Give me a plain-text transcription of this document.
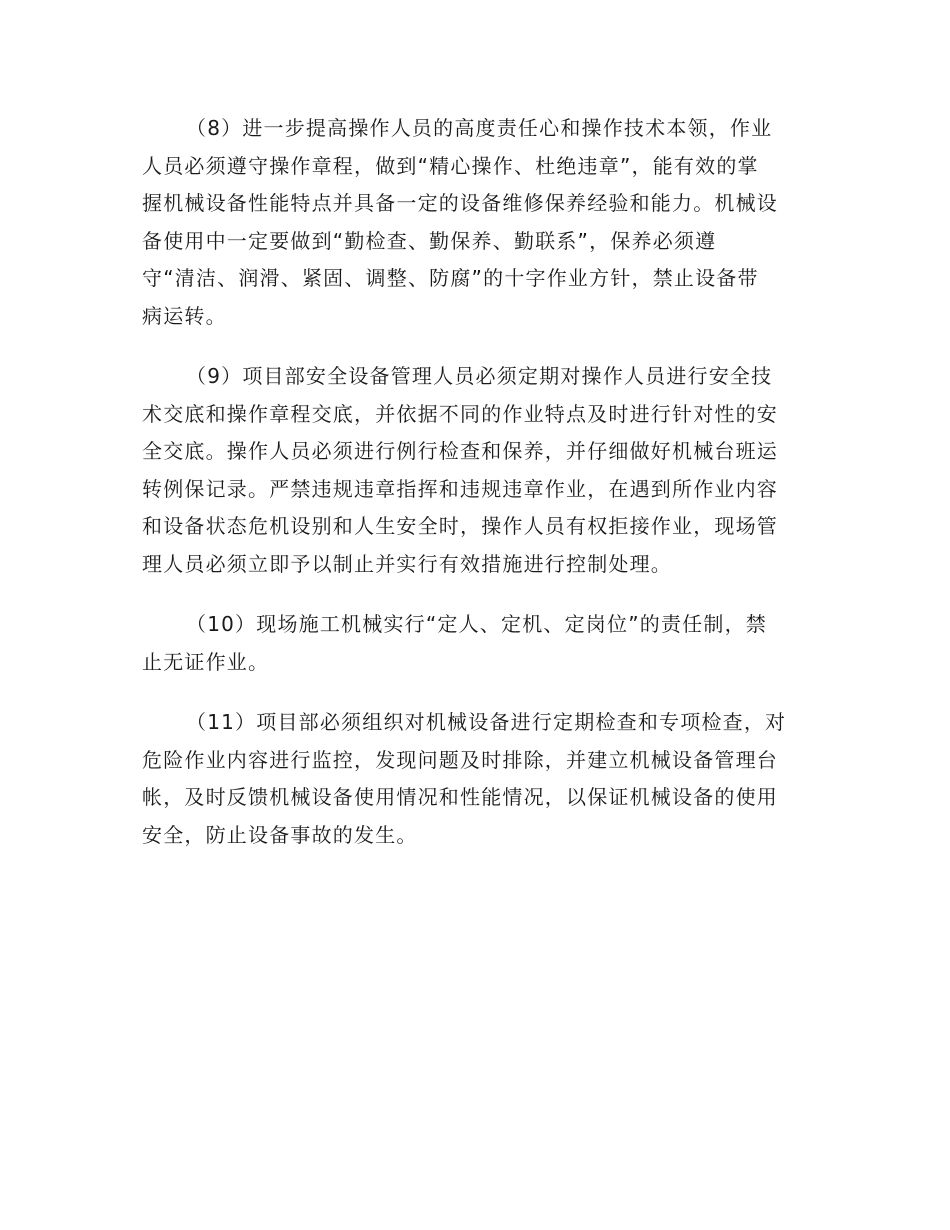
（8）进一步提高操作人员的高度责任心和操作技术本领，作业
人员必须遵守操作章程，做到“精心操作、杜绝违章”，能有效的掌
握机械设备性能特点并具备一定的设备维修保养经验和能力。机械设
备使用中一定要做到“勤检查、勤保养、勤联系”，保养必须遵
守“清洁、润滑、紧固、调整、防腐”的十字作业方针，禁止设备带
病运转。
（9）项目部安全设备管理人员必须定期对操作人员进行安全技
术交底和操作章程交底，并依据不同的作业特点及时进行针对性的安
全交底。操作人员必须进行例行检查和保养，并仔细做好机械台班运
转例保记录。严禁违规违章指挥和违规违章作业，在遇到所作业内容
和设备状态危机设别和人生安全时，操作人员有权拒接作业，现场管
理人员必须立即予以制止并实行有效措施进行控制处理。
（10）现场施工机械实行“定人、定机、定岗位”的责任制，禁
止无证作业。
（11）项目部必须组织对机械设备进行定期检查和专项检查，对
危险作业内容进行监控，发现问题及时排除，并建立机械设备管理台
帐，及时反馈机械设备使用情况和性能情况，以保证机械设备的使用
安全，防止设备事故的发生。
